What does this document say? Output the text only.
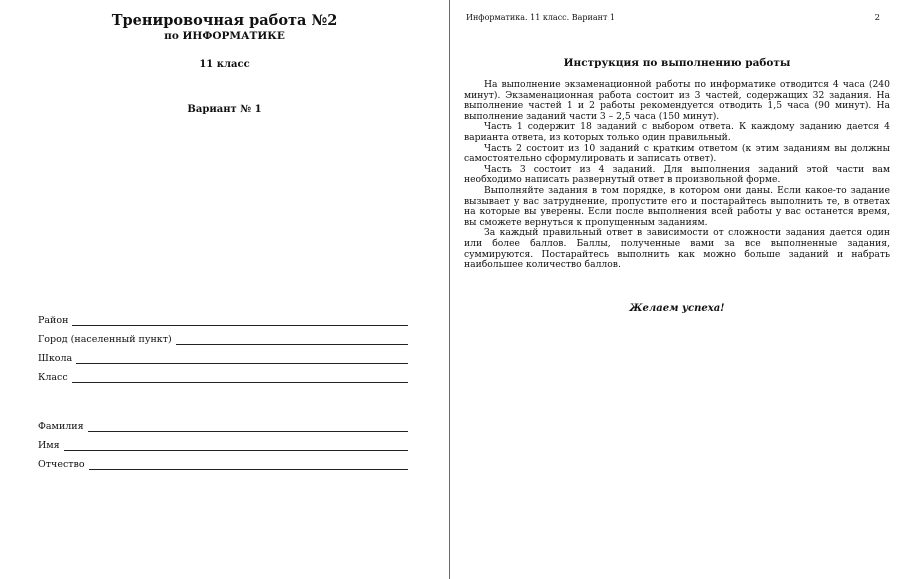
Тренировочная работа №2
по ИНФОРМАТИКЕ
11 класс
Вариант № 1
Район
Город (населенный пункт)
Школа
Класс
Фамилия
Имя
Отчество
Информатика. 11 класс. Вариант 1	2
Инструкция по выполнению работы

На выполнение экзаменационной работы по информатике отводится 4 часа (240 минут). Экзаменационная работа состоит из 3 частей, содержащих 32 задания. На выполнение частей 1 и 2 работы рекомендуется отводить 1,5 часа (90 минут). На выполнение заданий части 3 – 2,5 часа (150 минут).

Часть 1 содержит 18 заданий с выбором ответа. К каждому заданию дается 4 варианта ответа, из которых только один правильный.

Часть 2 состоит из 10 заданий с кратким ответом (к этим заданиям вы должны самостоятельно сформулировать и записать ответ).

Часть 3 состоит из 4 заданий. Для выполнения заданий этой части вам необходимо написать развернутый ответ в произвольной форме.

Выполняйте задания в том порядке, в котором они даны. Если какое-то задание вызывает у вас затруднение, пропустите его и постарайтесь выполнить те, в ответах на которые вы уверены. Если после выполнения всей работы у вас останется время, вы сможете вернуться к пропущенным заданиям.

За каждый правильный ответ в зависимости от сложности задания дается один или более баллов. Баллы, полученные вами за все выполненные задания, суммируются. Постарайтесь выполнить как можно больше заданий и набрать наибольшее количество баллов.

Желаем успеха!
